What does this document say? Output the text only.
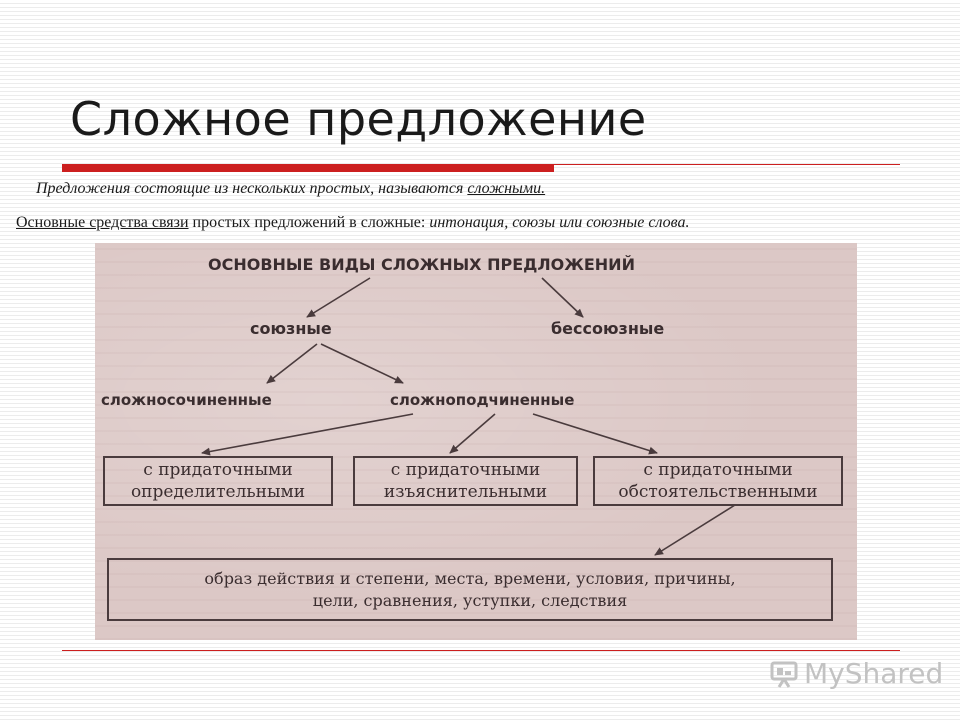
Сложное предложение
Предложения состоящие из нескольких простых, называются сложными.
Основные средства связи простых предложений в сложные: интонация, союзы или союзные слова.
ОСНОВНЫЕ ВИДЫ СЛОЖНЫХ ПРЕДЛОЖЕНИЙ
союзные	бессоюзные
сложносочиненные	сложноподчиненные
с придаточными
определительными
с придаточными
изъяснительными
с придаточными
обстоятельственными
образ действия и степени, места, времени, условия, причины,
цели, сравнения, уступки, следствия
MyShared
